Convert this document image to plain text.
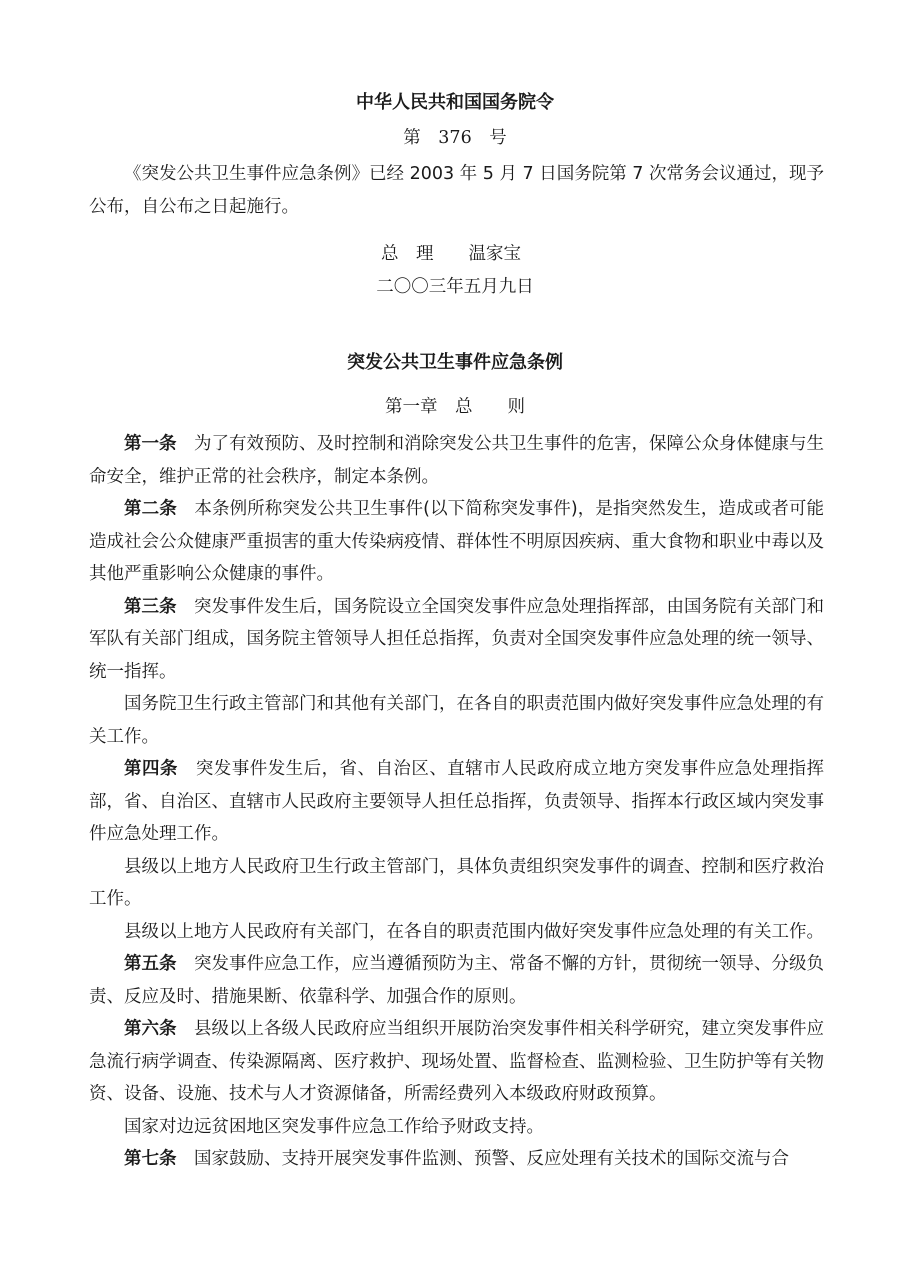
中华人民共和国国务院令
第 376 号

《突发公共卫生事件应急条例》已经 2003 年 5 月 7 日国务院第 7 次常务会议通过，现予公布，自公布之日起施行。

总　理 温家宝
二〇〇三年五月九日
突发公共卫生事件应急条例
第一章　总　　则

第一条 为了有效预防、及时控制和消除突发公共卫生事件的危害，保障公众身体健康与生命安全，维护正常的社会秩序，制定本条例。

第二条 本条例所称突发公共卫生事件(以下简称突发事件)，是指突然发生，造成或者可能造成社会公众健康严重损害的重大传染病疫情、群体性不明原因疾病、重大食物和职业中毒以及其他严重影响公众健康的事件。

第三条 突发事件发生后，国务院设立全国突发事件应急处理指挥部，由国务院有关部门和军队有关部门组成，国务院主管领导人担任总指挥，负责对全国突发事件应急处理的统一领导、统一指挥。

国务院卫生行政主管部门和其他有关部门，在各自的职责范围内做好突发事件应急处理的有关工作。

第四条 突发事件发生后，省、自治区、直辖市人民政府成立地方突发事件应急处理指挥部，省、自治区、直辖市人民政府主要领导人担任总指挥，负责领导、指挥本行政区域内突发事件应急处理工作。

县级以上地方人民政府卫生行政主管部门，具体负责组织突发事件的调查、控制和医疗救治工作。

县级以上地方人民政府有关部门，在各自的职责范围内做好突发事件应急处理的有关工作。

第五条 突发事件应急工作，应当遵循预防为主、常备不懈的方针，贯彻统一领导、分级负责、反应及时、措施果断、依靠科学、加强合作的原则。

第六条 县级以上各级人民政府应当组织开展防治突发事件相关科学研究，建立突发事件应急流行病学调查、传染源隔离、医疗救护、现场处置、监督检查、监测检验、卫生防护等有关物资、设备、设施、技术与人才资源储备，所需经费列入本级政府财政预算。

国家对边远贫困地区突发事件应急工作给予财政支持。

第七条 国家鼓励、支持开展突发事件监测、预警、反应处理有关技术的国际交流与合
